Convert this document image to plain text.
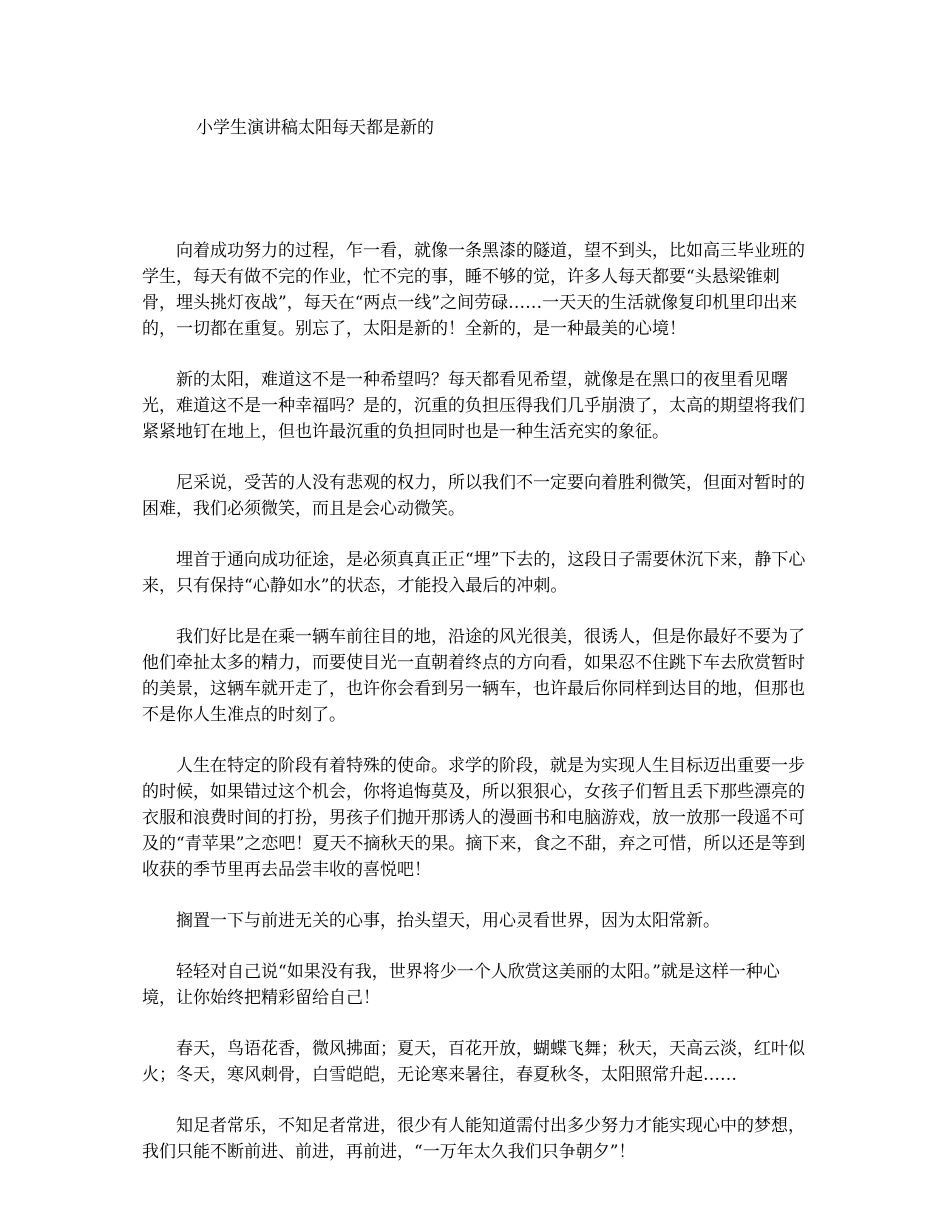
小学生演讲稿太阳每天都是新的

向着成功努力的过程，乍一看，就像一条黑漆的隧道，望不到头，比如高三毕业班的学生，每天有做不完的作业，忙不完的事，睡不够的觉，许多人每天都要“头悬梁锥刺骨，埋头挑灯夜战”，每天在“两点一线”之间劳碌……一天天的生活就像复印机里印出来的，一切都在重复。别忘了，太阳是新的！全新的，是一种最美的心境！

新的太阳，难道这不是一种希望吗？每天都看见希望，就像是在黑口的夜里看见曙光，难道这不是一种幸福吗？是的，沉重的负担压得我们几乎崩溃了，太高的期望将我们紧紧地钉在地上，但也许最沉重的负担同时也是一种生活充实的象征。

尼采说，受苦的人没有悲观的权力，所以我们不一定要向着胜利微笑，但面对暂时的困难，我们必须微笑，而且是会心动微笑。

埋首于通向成功征途，是必须真真正正“埋”下去的，这段日子需要休沉下来，静下心来，只有保持“心静如水”的状态，才能投入最后的冲刺。

我们好比是在乘一辆车前往目的地，沿途的风光很美，很诱人，但是你最好不要为了他们牵扯太多的精力，而要使目光一直朝着终点的方向看，如果忍不住跳下车去欣赏暂时的美景，这辆车就开走了，也许你会看到另一辆车，也许最后你同样到达目的地，但那也不是你人生准点的时刻了。

人生在特定的阶段有着特殊的使命。求学的阶段，就是为实现人生目标迈出重要一步的时候，如果错过这个机会，你将追悔莫及，所以狠狠心，女孩子们暂且丢下那些漂亮的衣服和浪费时间的打扮，男孩子们抛开那诱人的漫画书和电脑游戏，放一放那一段遥不可及的“青苹果”之恋吧！夏天不摘秋天的果。摘下来，食之不甜，弃之可惜，所以还是等到收获的季节里再去品尝丰收的喜悦吧！

搁置一下与前进无关的心事，抬头望天，用心灵看世界，因为太阳常新。

轻轻对自己说“如果没有我，世界将少一个人欣赏这美丽的太阳。”就是这样一种心境，让你始终把精彩留给自己！

春天，鸟语花香，微风拂面；夏天，百花开放，蝴蝶飞舞；秋天，天高云淡，红叶似火；冬天，寒风刺骨，白雪皑皑，无论寒来暑往，春夏秋冬，太阳照常升起……

知足者常乐，不知足者常进，很少有人能知道需付出多少努力才能实现心中的梦想，我们只能不断前进、前进，再前进，“一万年太久我们只争朝夕”！
